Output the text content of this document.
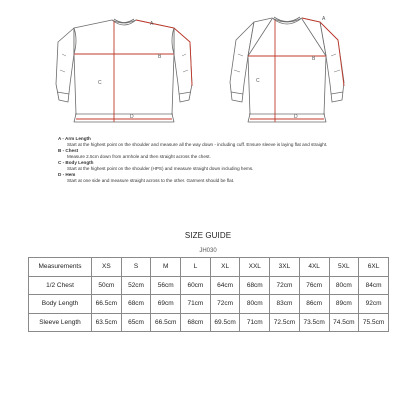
A
B
C
D
A
B
C
D
A - Arm Length
Start at the highest point on the shoulder and measure all the way down - including cuff. Ensure sleeve is laying flat and straight.
B - Chest
Measure 2.5cm down from armhole and then straight across the chest.
C - Body Length
Start at the highest point on the shoulder (HPS) and measure straight down including hems.
D - Hem
Start at one side and measure straight across to the other. Garment should be flat.
SIZE GUIDE
JH030
Measurements	XS	S	M	L	XL	XXL	3XL	4XL	5XL	6XL
1/2 Chest	50cm	52cm	56cm	60cm	64cm	68cm	72cm	76cm	80cm	84cm
Body Length	66.5cm	68cm	69cm	71cm	72cm	80cm	83cm	86cm	89cm	92cm
Sleeve Length	63.5cm	65cm	66.5cm	68cm	69.5cm	71cm	72.5cm	73.5cm	74.5cm	75.5cm
